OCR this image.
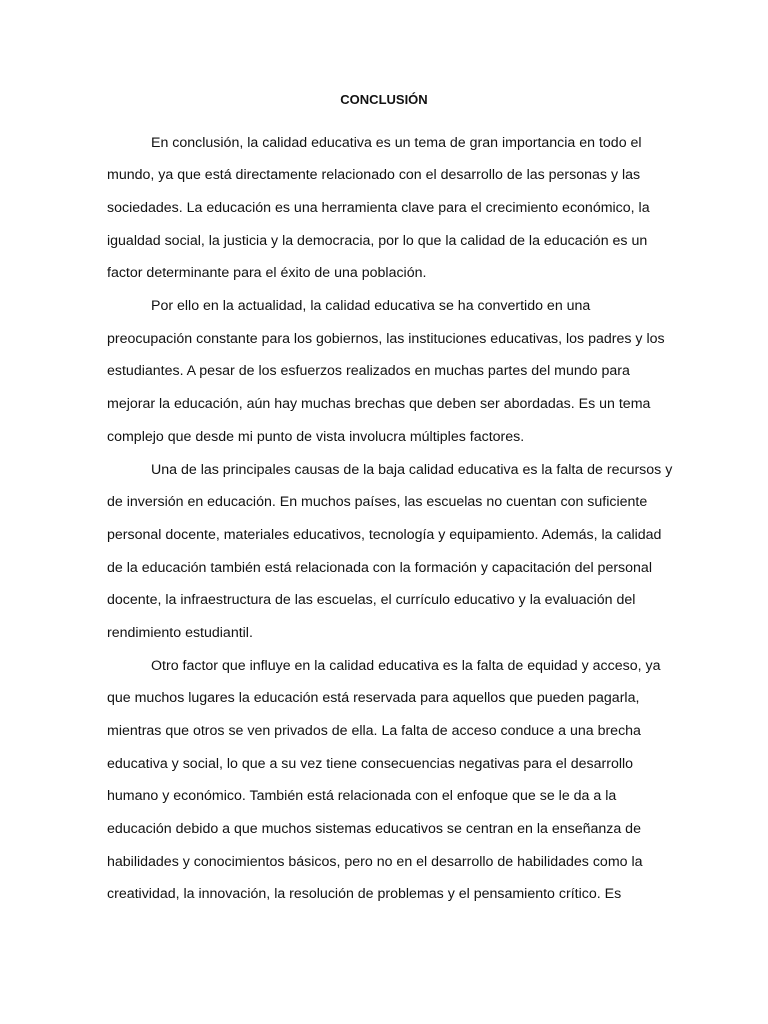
CONCLUSIÓN
En conclusión, la calidad educativa es un tema de gran importancia en todo el
mundo, ya que está directamente relacionado con el desarrollo de las personas y las
sociedades. La educación es una herramienta clave para el crecimiento económico, la
igualdad social, la justicia y la democracia, por lo que la calidad de la educación es un
factor determinante para el éxito de una población.
Por ello en la actualidad, la calidad educativa se ha convertido en una
preocupación constante para los gobiernos, las instituciones educativas, los padres y los
estudiantes. A pesar de los esfuerzos realizados en muchas partes del mundo para
mejorar la educación, aún hay muchas brechas que deben ser abordadas. Es un tema
complejo que desde mi punto de vista involucra múltiples factores.
Una de las principales causas de la baja calidad educativa es la falta de recursos y
de inversión en educación. En muchos países, las escuelas no cuentan con suficiente
personal docente, materiales educativos, tecnología y equipamiento. Además, la calidad
de la educación también está relacionada con la formación y capacitación del personal
docente, la infraestructura de las escuelas, el currículo educativo y la evaluación del
rendimiento estudiantil.
Otro factor que influye en la calidad educativa es la falta de equidad y acceso, ya
que muchos lugares la educación está reservada para aquellos que pueden pagarla,
mientras que otros se ven privados de ella. La falta de acceso conduce a una brecha
educativa y social, lo que a su vez tiene consecuencias negativas para el desarrollo
humano y económico. También está relacionada con el enfoque que se le da a la
educación debido a que muchos sistemas educativos se centran en la enseñanza de
habilidades y conocimientos básicos, pero no en el desarrollo de habilidades como la
creatividad, la innovación, la resolución de problemas y el pensamiento crítico. Es
